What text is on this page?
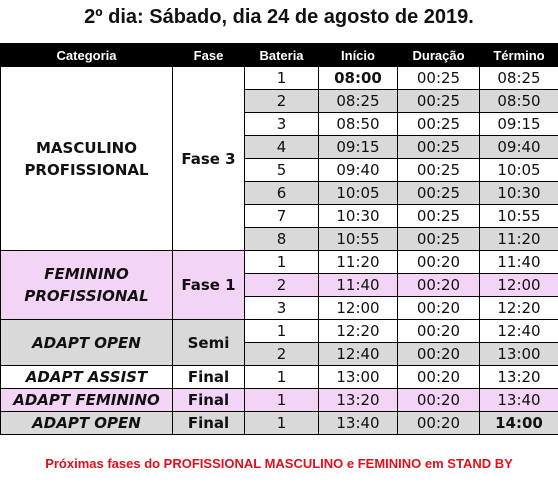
2º dia: Sábado, dia 24 de agosto de 2019.
Categoria	Fase	Bateria	Início	Duração	Término

MASCULINO
PROFISSIONAL	Fase 3	1	08:00	00:25	08:25
		2	08:25	00:25	08:50
		3	08:50	00:25	09:15
		4	09:15	00:25	09:40
		5	09:40	00:25	10:05
		6	10:05	00:25	10:30
		7	10:30	00:25	10:55
		8	10:55	00:25	11:20

FEMININO
PROFISSIONAL	Fase 1	1	11:20	00:20	11:40
		2	11:40	00:20	12:00
		3	12:00	00:20	12:20
ADAPT OPEN	Semi	1	12:20	00:20	12:40
		2	12:40	00:20	13:00
ADAPT ASSIST	Final	1	13:00	00:20	13:20
ADAPT FEMININO	Final	1	13:20	00:20	13:40
ADAPT OPEN	Final	1	13:40	00:20	14:00
Próximas fases do PROFISSIONAL MASCULINO e FEMININO em STAND BY
